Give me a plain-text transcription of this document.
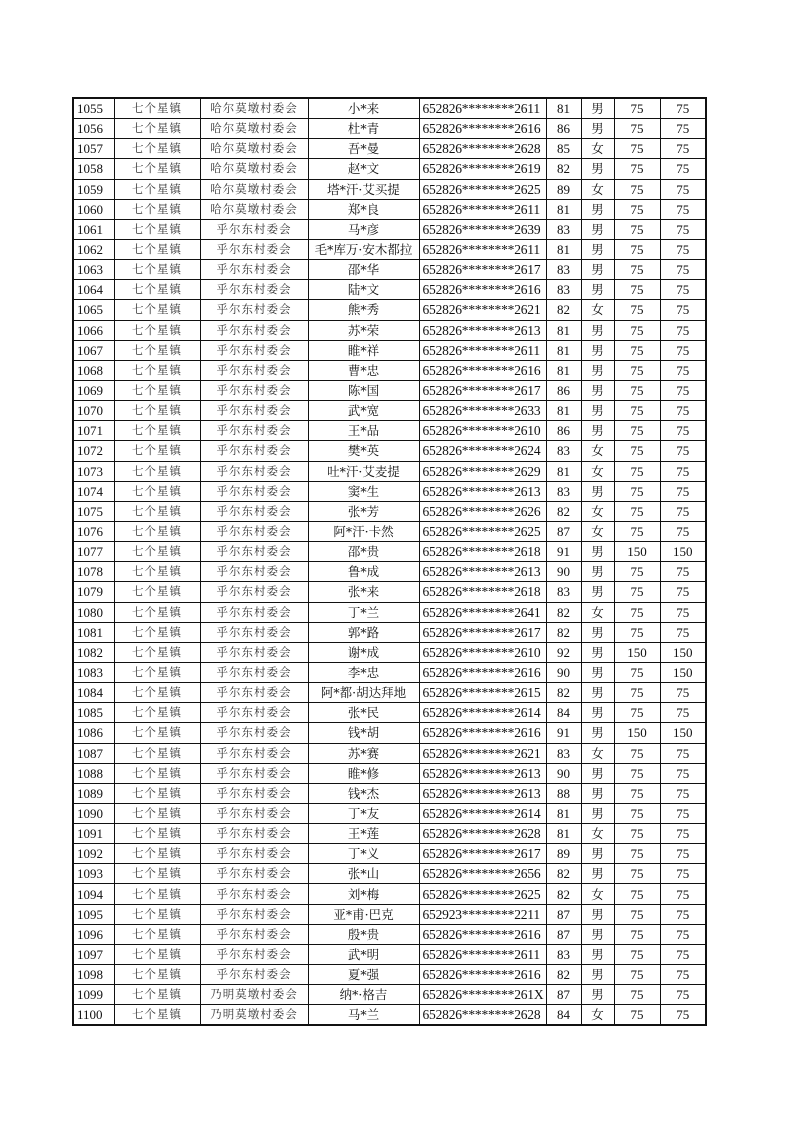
1055	七个星镇	哈尔莫墩村委会	小*来	652826********2611	81	男	75	75
1056	七个星镇	哈尔莫墩村委会	杜*青	652826********2616	86	男	75	75
1057	七个星镇	哈尔莫墩村委会	吾*曼	652826********2628	85	女	75	75
1058	七个星镇	哈尔莫墩村委会	赵*文	652826********2619	82	男	75	75
1059	七个星镇	哈尔莫墩村委会	塔*汗·艾买提	652826********2625	89	女	75	75
1060	七个星镇	哈尔莫墩村委会	郑*良	652826********2611	81	男	75	75
1061	七个星镇	乎尔东村委会	马*彦	652826********2639	83	男	75	75
1062	七个星镇	乎尔东村委会	毛*库万·安木都拉	652826********2611	81	男	75	75
1063	七个星镇	乎尔东村委会	邵*华	652826********2617	83	男	75	75
1064	七个星镇	乎尔东村委会	陆*文	652826********2616	83	男	75	75
1065	七个星镇	乎尔东村委会	熊*秀	652826********2621	82	女	75	75
1066	七个星镇	乎尔东村委会	苏*荣	652826********2613	81	男	75	75
1067	七个星镇	乎尔东村委会	睢*祥	652826********2611	81	男	75	75
1068	七个星镇	乎尔东村委会	曹*忠	652826********2616	81	男	75	75
1069	七个星镇	乎尔东村委会	陈*国	652826********2617	86	男	75	75
1070	七个星镇	乎尔东村委会	武*宽	652826********2633	81	男	75	75
1071	七个星镇	乎尔东村委会	王*品	652826********2610	86	男	75	75
1072	七个星镇	乎尔东村委会	樊*英	652826********2624	83	女	75	75
1073	七个星镇	乎尔东村委会	吐*汗·艾麦提	652826********2629	81	女	75	75
1074	七个星镇	乎尔东村委会	窦*生	652826********2613	83	男	75	75
1075	七个星镇	乎尔东村委会	张*芳	652826********2626	82	女	75	75
1076	七个星镇	乎尔东村委会	阿*汗·卡然	652826********2625	87	女	75	75
1077	七个星镇	乎尔东村委会	邵*贵	652826********2618	91	男	150	150
1078	七个星镇	乎尔东村委会	鲁*成	652826********2613	90	男	75	75
1079	七个星镇	乎尔东村委会	张*来	652826********2618	83	男	75	75
1080	七个星镇	乎尔东村委会	丁*兰	652826********2641	82	女	75	75
1081	七个星镇	乎尔东村委会	郭*路	652826********2617	82	男	75	75
1082	七个星镇	乎尔东村委会	谢*成	652826********2610	92	男	150	150
1083	七个星镇	乎尔东村委会	李*忠	652826********2616	90	男	75	150
1084	七个星镇	乎尔东村委会	阿*都·胡达拜地	652826********2615	82	男	75	75
1085	七个星镇	乎尔东村委会	张*民	652826********2614	84	男	75	75
1086	七个星镇	乎尔东村委会	钱*胡	652826********2616	91	男	150	150
1087	七个星镇	乎尔东村委会	苏*赛	652826********2621	83	女	75	75
1088	七个星镇	乎尔东村委会	睢*修	652826********2613	90	男	75	75
1089	七个星镇	乎尔东村委会	钱*杰	652826********2613	88	男	75	75
1090	七个星镇	乎尔东村委会	丁*友	652826********2614	81	男	75	75
1091	七个星镇	乎尔东村委会	王*莲	652826********2628	81	女	75	75
1092	七个星镇	乎尔东村委会	丁*义	652826********2617	89	男	75	75
1093	七个星镇	乎尔东村委会	张*山	652826********2656	82	男	75	75
1094	七个星镇	乎尔东村委会	刘*梅	652826********2625	82	女	75	75
1095	七个星镇	乎尔东村委会	亚*甫·巴克	652923********2211	87	男	75	75
1096	七个星镇	乎尔东村委会	殷*贵	652826********2616	87	男	75	75
1097	七个星镇	乎尔东村委会	武*明	652826********2611	83	男	75	75
1098	七个星镇	乎尔东村委会	夏*强	652826********2616	82	男	75	75
1099	七个星镇	乃明莫墩村委会	纳*·格吉	652826********261X	87	男	75	75
1100	七个星镇	乃明莫墩村委会	马*兰	652826********2628	84	女	75	75
